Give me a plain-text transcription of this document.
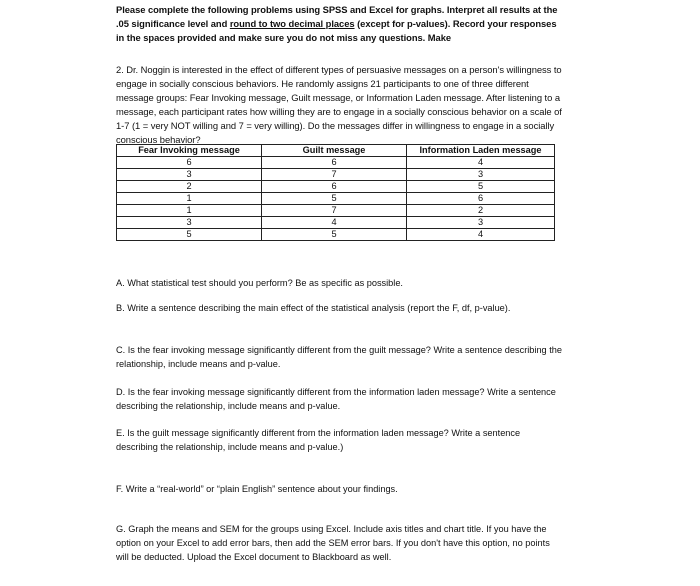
Please complete the following problems using SPSS and Excel for graphs. Interpret all results at the .05 significance level and round to two decimal places (except for p-values). Record your responses in the spaces provided and make sure you do not miss any questions. Make
2. Dr. Noggin is interested in the effect of different types of persuasive messages on a person's willingness to engage in socially conscious behaviors. He randomly assigns 21 participants to one of three different message groups: Fear Invoking message, Guilt message, or Information Laden message. After listening to a message, each participant rates how willing they are to engage in a socially conscious behavior on a scale of 1-7 (1 = very NOT willing and 7 = very willing). Do the messages differ in willingness to engage in a socially conscious behavior?
Fear Invoking message	Guilt message	Information Laden message
6	6	4
3	7	3
2	6	5
1	5	6
1	7	2
3	4	3
5	5	4
A. What statistical test should you perform? Be as specific as possible.
B. Write a sentence describing the main effect of the statistical analysis (report the F, df, p-value).
C. Is the fear invoking message significantly different from the guilt message? Write a sentence describing the relationship, include means and p-value.
D. Is the fear invoking message significantly different from the information laden message? Write a sentence describing the relationship, include means and p-value.
E. Is the guilt message significantly different from the information laden message? Write a sentence describing the relationship, include means and p-value.)
F. Write a “real-world” or “plain English” sentence about your findings.
G. Graph the means and SEM for the groups using Excel. Include axis titles and chart title. If you have the option on your Excel to add error bars, then add the SEM error bars. If you don't have this option, no points will be deducted. Upload the Excel document to Blackboard as well.
